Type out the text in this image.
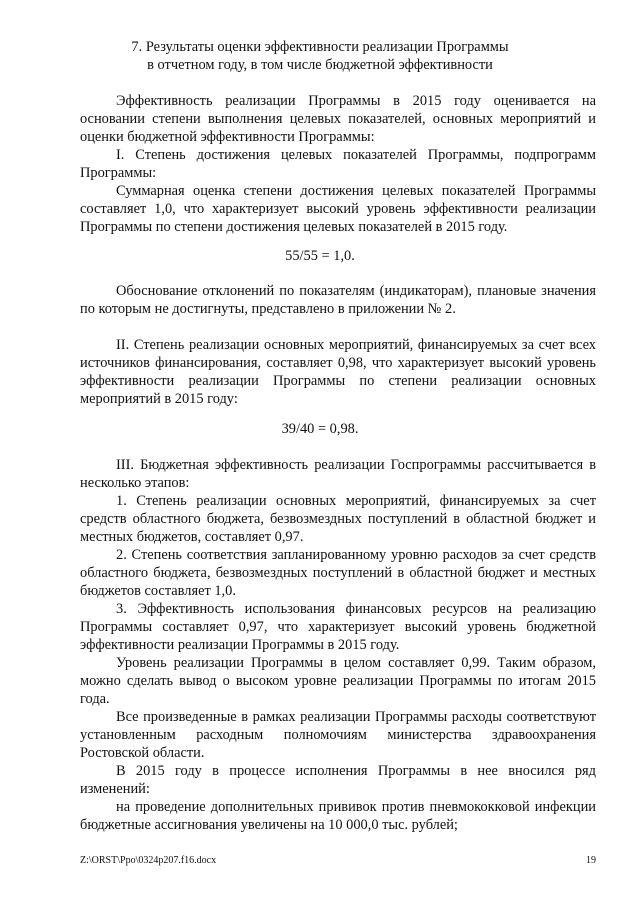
7. Результаты оценки эффективности реализации Программы
в отчетном году, в том числе бюджетной эффективности

Эффективность реализации Программы в 2015 году оценивается на основании степени выполнения целевых показателей, основных мероприятий и оценки бюджетной эффективности Программы:

I. Степень достижения целевых показателей Программы, подпрограмм Программы:

Суммарная оценка степени достижения целевых показателей Программы составляет 1,0, что характеризует высокий уровень эффективности реализации Программы по степени достижения целевых показателей в 2015 году.

55/55 = 1,0.

Обоснование отклонений по показателям (индикаторам), плановые значения по которым не достигнуты, представлено в приложении № 2.

II. Степень реализации основных мероприятий, финансируемых за счет всех источников финансирования, составляет 0,98, что характеризует высокий уровень эффективности реализации Программы по степени реализации основных мероприятий в 2015 году:

39/40 = 0,98.

III. Бюджетная эффективность реализации Госпрограммы рассчитывается в несколько этапов:

1. Степень реализации основных мероприятий, финансируемых за счет средств областного бюджета, безвозмездных поступлений в областной бюджет и местных бюджетов, составляет 0,97.

2. Степень соответствия запланированному уровню расходов за счет средств областного бюджета, безвозмездных поступлений в областной бюджет и местных бюджетов составляет 1,0.

3. Эффективность использования финансовых ресурсов на реализацию Программы составляет 0,97, что характеризует высокий уровень бюджетной эффективности реализации Программы в 2015 году.

Уровень реализации Программы в целом составляет 0,99. Таким образом, можно сделать вывод о высоком уровне реализации Программы по итогам 2015 года.

Все произведенные в рамках реализации Программы расходы соответствуют установленным расходным полномочиям министерства здравоохранения Ростовской области.

В 2015 году в процессе исполнения Программы в нее вносился ряд изменений:

на проведение дополнительных прививок против пневмококковой инфекции бюджетные ассигнования увеличены на 10 000,0 тыс. рублей;

Z:\ORST\Ppo\0324p207.f16.docx	19
